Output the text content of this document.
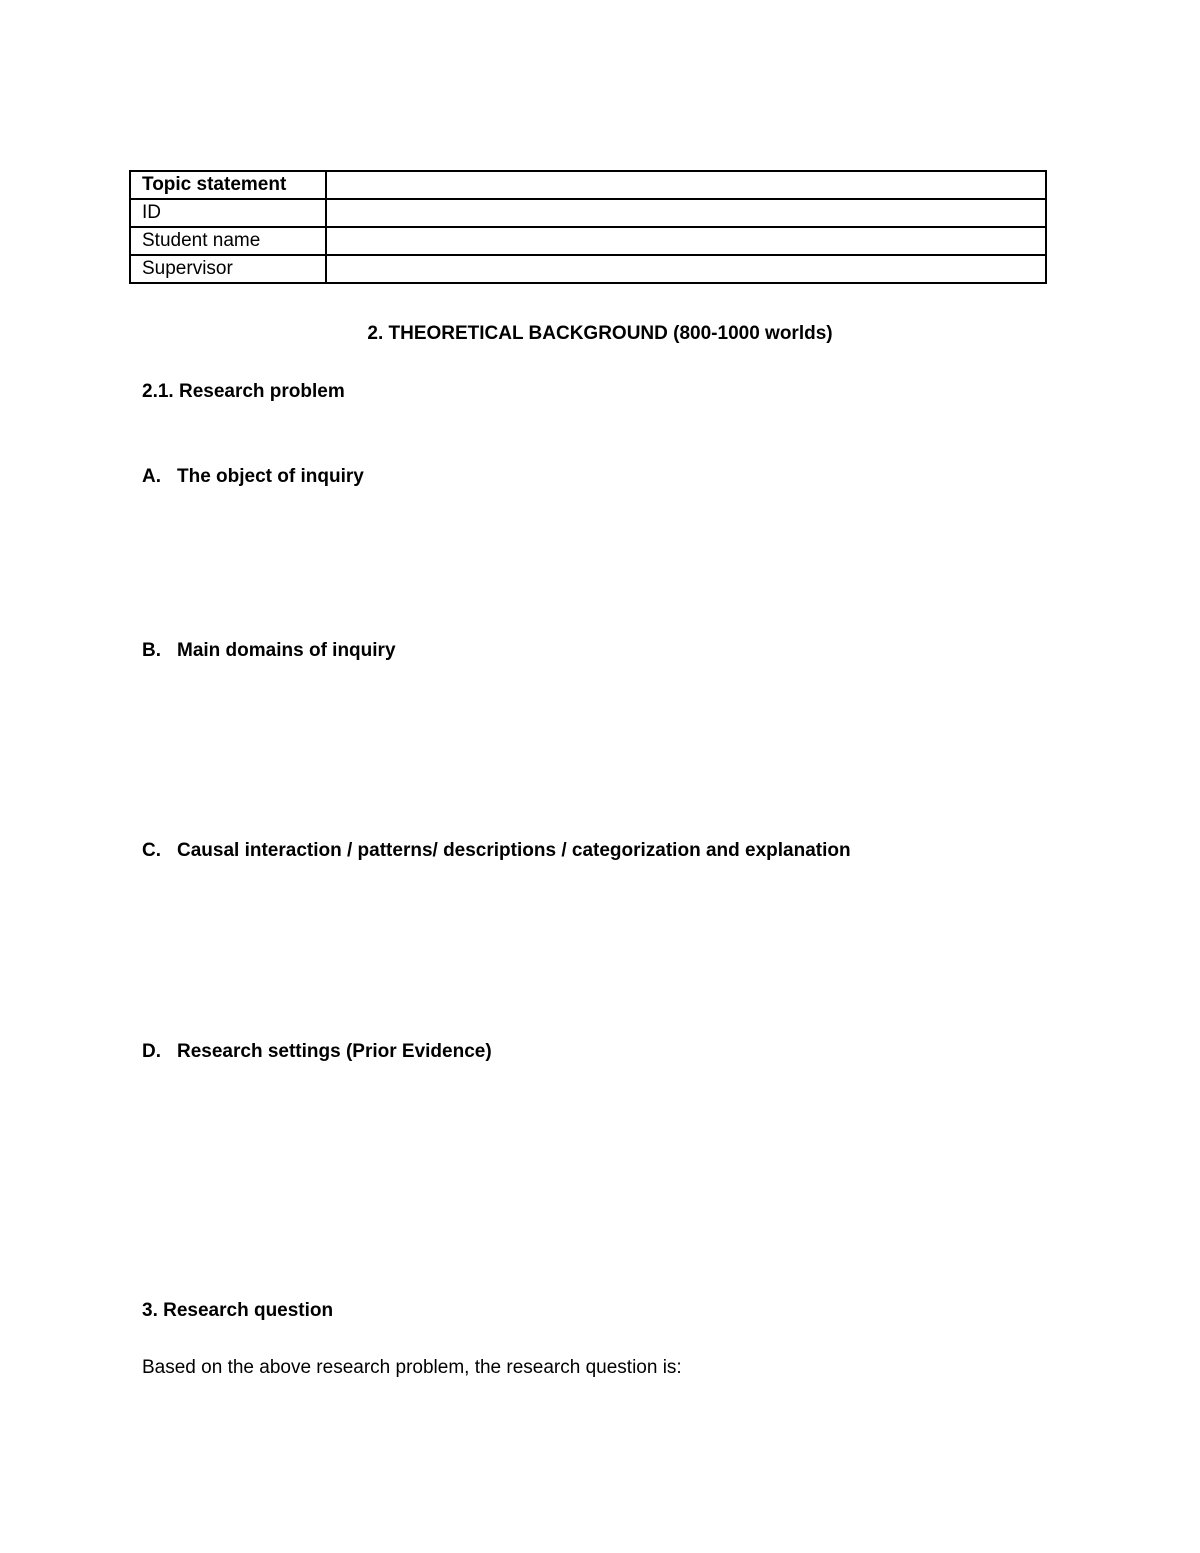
Topic statement	
ID	
Student name	
Supervisor	
2. THEORETICAL BACKGROUND (800-1000 worlds)
2.1. Research problem
A. The object of inquiry
B. Main domains of inquiry
C. Causal interaction / patterns/ descriptions / categorization and explanation
D. Research settings (Prior Evidence)
3. Research question
Based on the above research problem, the research question is:
